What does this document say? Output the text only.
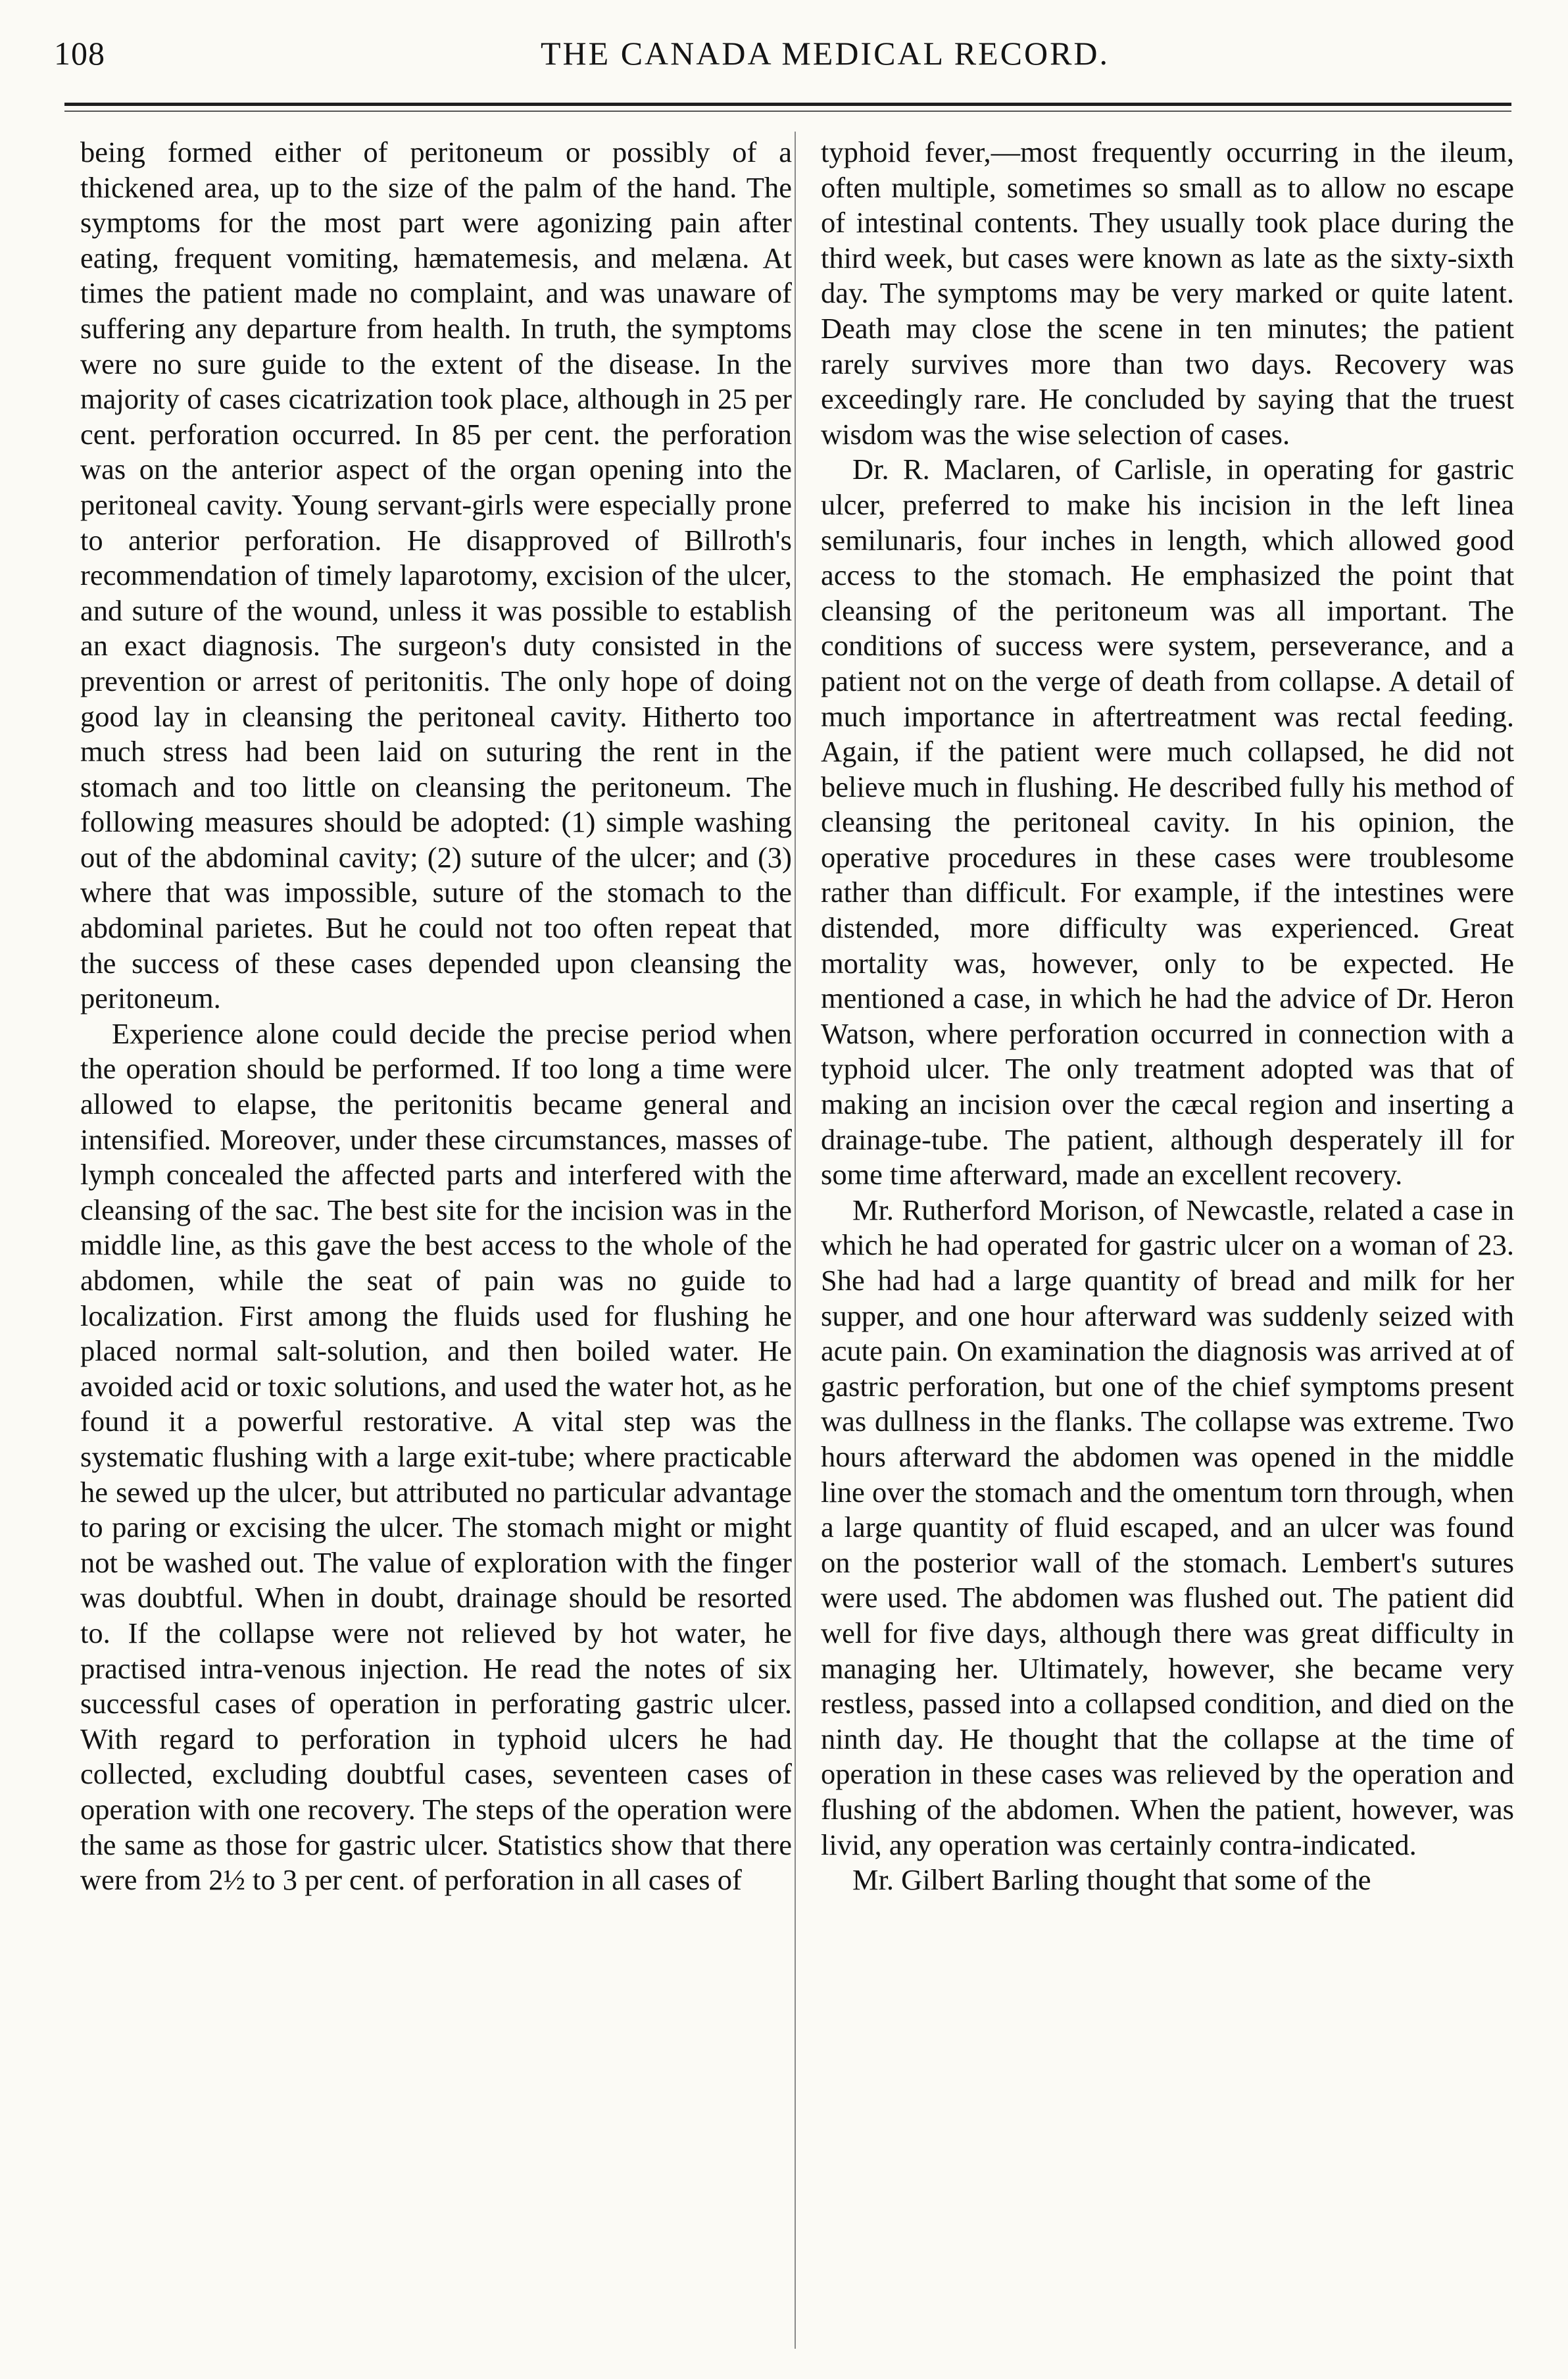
108	THE CANADA MEDICAL RECORD.

being formed either of peritoneum or possibly of a thickened area, up to the size of the palm of the hand. The symptoms for the most part were agonizing pain after eating, frequent vomiting, hæmatemesis, and melæna. At times the patient made no complaint, and was unaware of suffering any departure from health. In truth, the symptoms were no sure guide to the extent of the disease. In the majority of cases cicatrization took place, although in 25 per cent. perforation occurred. In 85 per cent. the perforation was on the anterior aspect of the organ opening into the peritoneal cavity. Young servant-girls were especially prone to anterior perforation. He disapproved of Billroth's recommendation of timely laparotomy, excision of the ulcer, and suture of the wound, unless it was possible to establish an exact diagnosis. The surgeon's duty consisted in the prevention or arrest of peritonitis. The only hope of doing good lay in cleansing the peritoneal cavity. Hitherto too much stress had been laid on suturing the rent in the stomach and too little on cleansing the peritoneum. The following measures should be adopted: (1) simple washing out of the abdominal cavity; (2) suture of the ulcer; and (3) where that was impossible, suture of the stomach to the abdominal parietes. But he could not too often repeat that the success of these cases depended upon cleansing the peritoneum.

Experience alone could decide the precise period when the operation should be performed. If too long a time were allowed to elapse, the peritonitis became general and intensified. Moreover, under these circumstances, masses of lymph concealed the affected parts and interfered with the cleansing of the sac. The best site for the incision was in the middle line, as this gave the best access to the whole of the abdomen, while the seat of pain was no guide to localization. First among the fluids used for flushing he placed normal salt-solution, and then boiled water. He avoided acid or toxic solutions, and used the water hot, as he found it a powerful restorative. A vital step was the systematic flushing with a large exit-tube; where practicable he sewed up the ulcer, but attributed no particular advantage to paring or excising the ulcer. The stomach might or might not be washed out. The value of exploration with the finger was doubtful. When in doubt, drainage should be resorted to. If the collapse were not relieved by hot water, he practised intra-venous injection. He read the notes of six successful cases of operation in perforating gastric ulcer. With regard to perforation in typhoid ulcers he had collected, excluding doubtful cases, seventeen cases of operation with one recovery. The steps of the operation were the same as those for gastric ulcer. Statistics show that there were from 2½ to 3 per cent. of perforation in all cases of

typhoid fever,—most frequently occurring in the ileum, often multiple, sometimes so small as to allow no escape of intestinal contents. They usually took place during the third week, but cases were known as late as the sixty-sixth day. The symptoms may be very marked or quite latent. Death may close the scene in ten minutes; the patient rarely survives more than two days. Recovery was exceedingly rare. He concluded by saying that the truest wisdom was the wise selection of cases.

Dr. R. Maclaren, of Carlisle, in operating for gastric ulcer, preferred to make his incision in the left linea semilunaris, four inches in length, which allowed good access to the stomach. He emphasized the point that cleansing of the peritoneum was all important. The conditions of success were system, perseverance, and a patient not on the verge of death from collapse. A detail of much importance in aftertreatment was rectal feeding. Again, if the patient were much collapsed, he did not believe much in flushing. He described fully his method of cleansing the peritoneal cavity. In his opinion, the operative procedures in these cases were troublesome rather than difficult. For example, if the intestines were distended, more difficulty was experienced. Great mortality was, however, only to be expected. He mentioned a case, in which he had the advice of Dr. Heron Watson, where perforation occurred in connection with a typhoid ulcer. The only treatment adopted was that of making an incision over the cæcal region and inserting a drainage-tube. The patient, although desperately ill for some time afterward, made an excellent recovery.

Mr. Rutherford Morison, of Newcastle, related a case in which he had operated for gastric ulcer on a woman of 23. She had had a large quantity of bread and milk for her supper, and one hour afterward was suddenly seized with acute pain. On examination the diagnosis was arrived at of gastric perforation, but one of the chief symptoms present was dullness in the flanks. The collapse was extreme. Two hours afterward the abdomen was opened in the middle line over the stomach and the omentum torn through, when a large quantity of fluid escaped, and an ulcer was found on the posterior wall of the stomach. Lembert's sutures were used. The abdomen was flushed out. The patient did well for five days, although there was great difficulty in managing her. Ultimately, however, she became very restless, passed into a collapsed condition, and died on the ninth day. He thought that the collapse at the time of operation in these cases was relieved by the operation and flushing of the abdomen. When the patient, however, was livid, any operation was certainly contra-indicated.

Mr. Gilbert Barling thought that some of the
